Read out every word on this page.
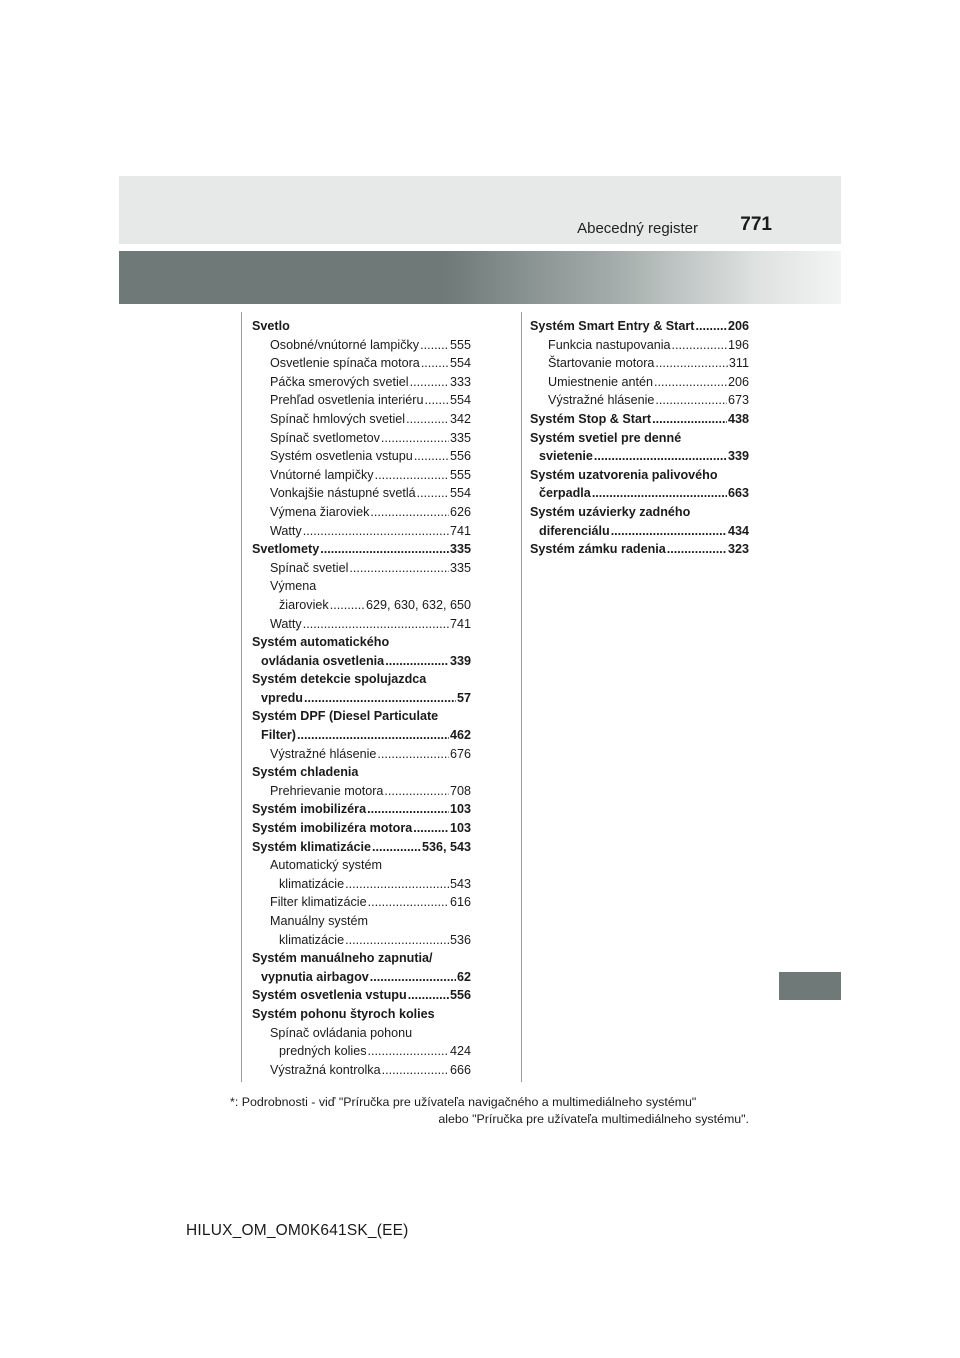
Abecedný register 771
Svetlo
Osobné/vnútorné lampičky ..... 555
Osvetlenie spínača motora ..... 554
Páčka smerových svetiel .....	333
Prehľad osvetlenia interiéru ..... 554
Spínač hmlových svetiel .....	342
Spínač svetlometov .....	335
Systém osvetlenia vstupu .....	556
Vnútorné lampičky .....	555
Vonkajšie nástupné svetlá .....	554
Výmena žiaroviek .....	626
Watty .....	741
Svetlomety .....	335
Spínač svetiel .....	335
Výmena
žiaroviek .....	629, 630, 632, 650
Watty .....	741
Systém automatického
ovládania osvetlenia .....	339
Systém detekcie spolujazdca
vpredu .....	57
Systém DPF (Diesel Particulate
Filter) .....	462
Výstražné hlásenie .....	676
Systém chladenia
Prehrievanie motora .....	708
Systém imobilizéra .....	103
Systém imobilizéra motora .....	103
Systém klimatizácie .....	536, 543
Automatický systém
klimatizácie .....	543
Filter klimatizácie .....	616
Manuálny systém
klimatizácie .....	536
Systém manuálneho zapnutia/
vypnutia airbagov .....	62
Systém osvetlenia vstupu .....	556
Systém pohonu štyroch kolies
Spínač ovládania pohonu
predných kolies .....	424
Výstražná kontrolka .....	666
Systém Smart Entry & Start .....	206
Funkcia nastupovania .....	196
Štartovanie motora .....	311
Umiestnenie antén .....	206
Výstražné hlásenie .....	673
Systém Stop & Start .....	438
Systém svetiel pre denné
svietenie .....	339
Systém uzatvorenia palivového
čerpadla .....	663
Systém uzávierky zadného
diferenciálu .....	434
Systém zámku radenia .....	323
*: Podrobnosti - viď "Príručka pre užívateľa navigačného a multimediálneho systému"
alebo "Príručka pre užívateľa multimediálneho systému".
HILUX_OM_OM0K641SK_(EE)
